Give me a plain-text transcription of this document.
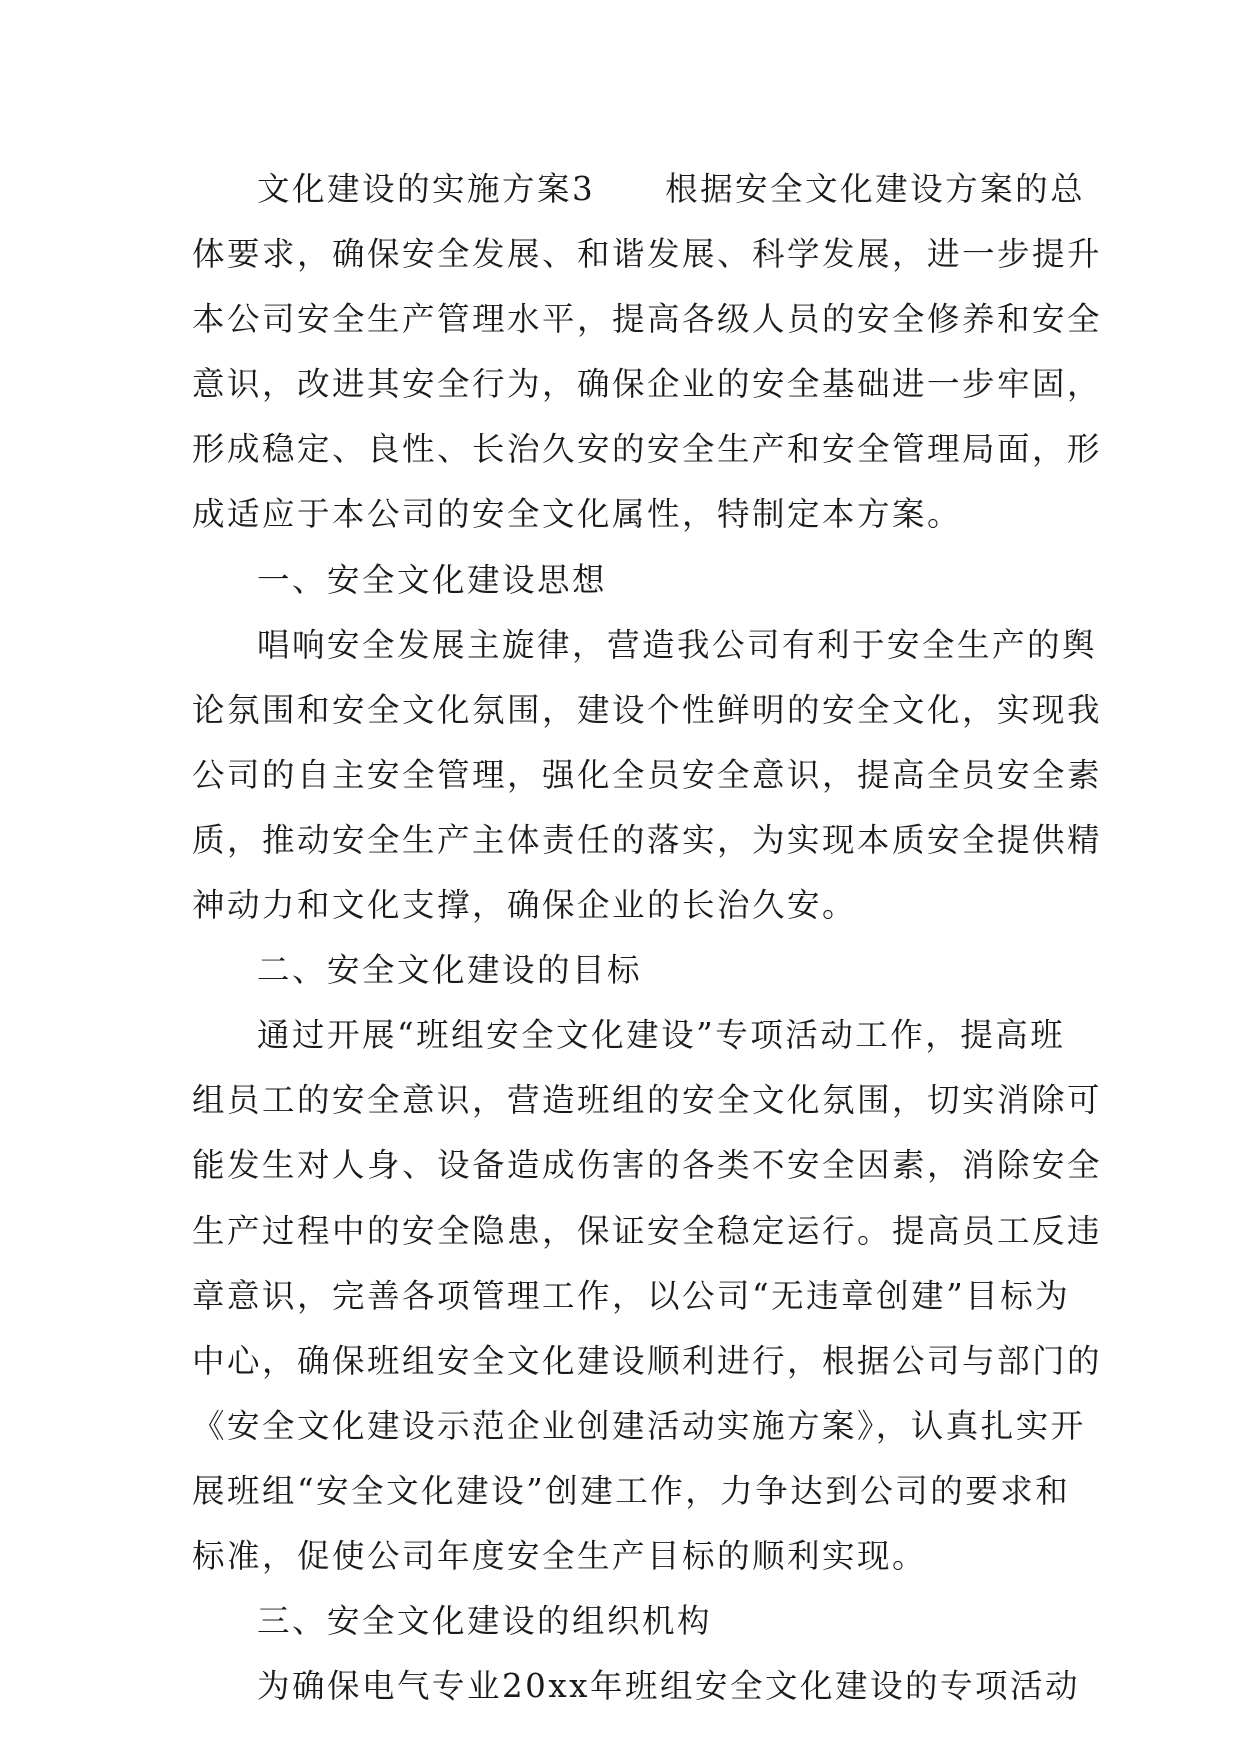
文化建设的实施方案3　　根据安全文化建设方案的总
体要求，确保安全发展、和谐发展、科学发展，进一步提升
本公司安全生产管理水平，提高各级人员的安全修养和安全
意识，改进其安全行为，确保企业的安全基础进一步牢固，
形成稳定、良性、长治久安的安全生产和安全管理局面，形
成适应于本公司的安全文化属性，特制定本方案。
一、安全文化建设思想
唱响安全发展主旋律，营造我公司有利于安全生产的舆
论氛围和安全文化氛围，建设个性鲜明的安全文化，实现我
公司的自主安全管理，强化全员安全意识，提高全员安全素
质，推动安全生产主体责任的落实，为实现本质安全提供精
神动力和文化支撑，确保企业的长治久安。
二、安全文化建设的目标
通过开展“班组安全文化建设”专项活动工作，提高班
组员工的安全意识，营造班组的安全文化氛围，切实消除可
能发生对人身、设备造成伤害的各类不安全因素，消除安全
生产过程中的安全隐患，保证安全稳定运行。提高员工反违
章意识，完善各项管理工作，以公司“无违章创建”目标为
中心，确保班组安全文化建设顺利进行，根据公司与部门的
《安全文化建设示范企业创建活动实施方案》，认真扎实开
展班组“安全文化建设”创建工作，力争达到公司的要求和
标准，促使公司年度安全生产目标的顺利实现。
三、安全文化建设的组织机构
为确保电气专业20xx年班组安全文化建设的专项活动
